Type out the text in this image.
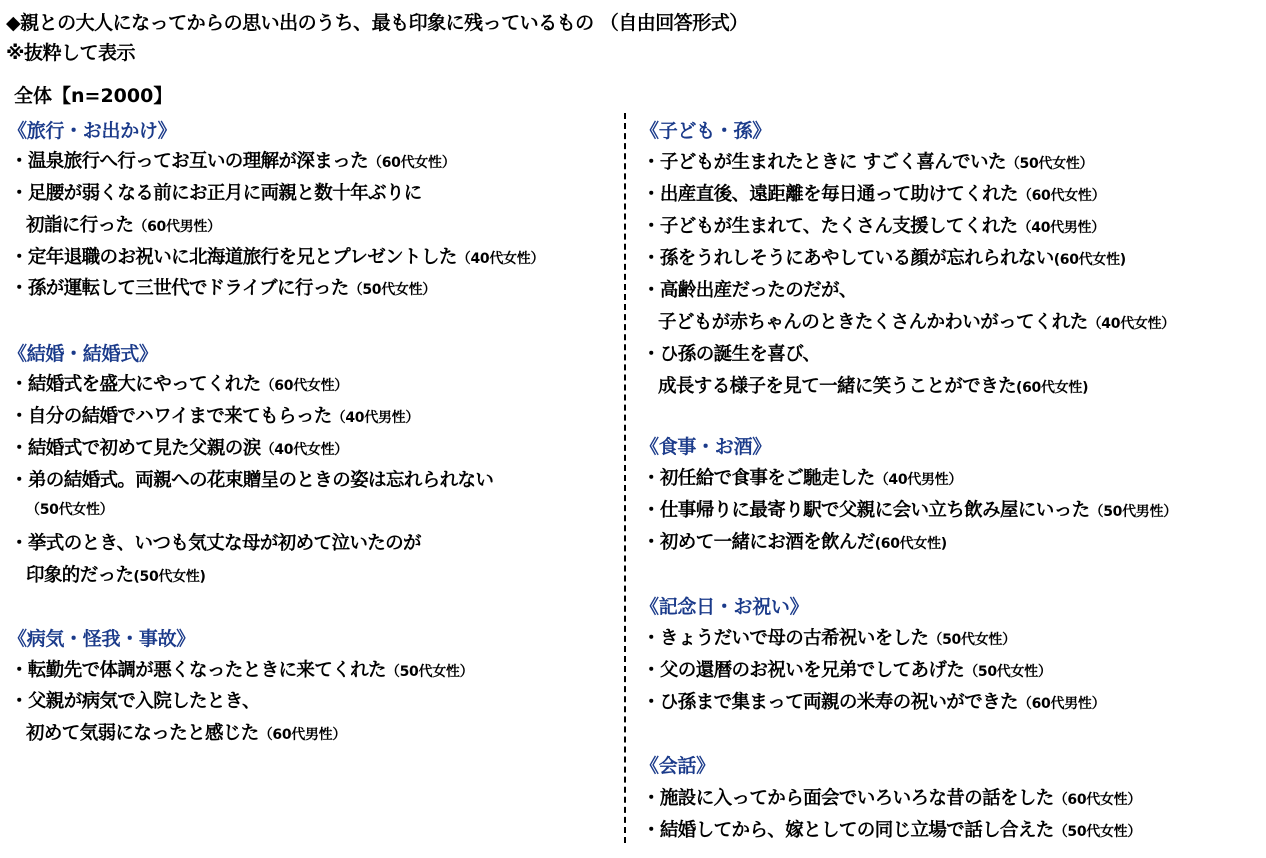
◆親との大人になってからの思い出のうち、最も印象に残っているもの （自由回答形式）
※抜粋して表示
全体【n=2000】
《旅行・お出かけ》
・温泉旅行へ行ってお互いの理解が深まった（60代女性）
・足腰が弱くなる前にお正月に両親と数十年ぶりに
初詣に行った（60代男性）
・定年退職のお祝いに北海道旅行を兄とプレゼントした（40代女性）
・孫が運転して三世代でドライブに行った（50代女性）
《結婚・結婚式》
・結婚式を盛大にやってくれた（60代女性）
・自分の結婚でハワイまで来てもらった（40代男性）
・結婚式で初めて見た父親の涙（40代女性）
・弟の結婚式。両親への花束贈呈のときの姿は忘れられない
（50代女性）
・挙式のとき、いつも気丈な母が初めて泣いたのが
印象的だった(50代女性)
《病気・怪我・事故》
・転勤先で体調が悪くなったときに来てくれた（50代女性）
・父親が病気で入院したとき、
初めて気弱になったと感じた（60代男性）
《子ども・孫》
・子どもが生まれたときに すごく喜んでいた（50代女性）
・出産直後、遠距離を毎日通って助けてくれた（60代女性）
・子どもが生まれて、たくさん支援してくれた（40代男性）
・孫をうれしそうにあやしている顔が忘れられない(60代女性)
・高齢出産だったのだが、
子どもが赤ちゃんのときたくさんかわいがってくれた（40代女性）
・ひ孫の誕生を喜び、
成長する様子を見て一緒に笑うことができた(60代女性)
《食事・お酒》
・初任給で食事をご馳走した（40代男性）
・仕事帰りに最寄り駅で父親に会い立ち飲み屋にいった（50代男性）
・初めて一緒にお酒を飲んだ(60代女性)
《記念日・お祝い》
・きょうだいで母の古希祝いをした（50代女性）
・父の還暦のお祝いを兄弟でしてあげた（50代女性）
・ひ孫まで集まって両親の米寿の祝いができた（60代男性）
《会話》
・施設に入ってから面会でいろいろな昔の話をした（60代女性）
・結婚してから、嫁としての同じ立場で話し合えた（50代女性）
